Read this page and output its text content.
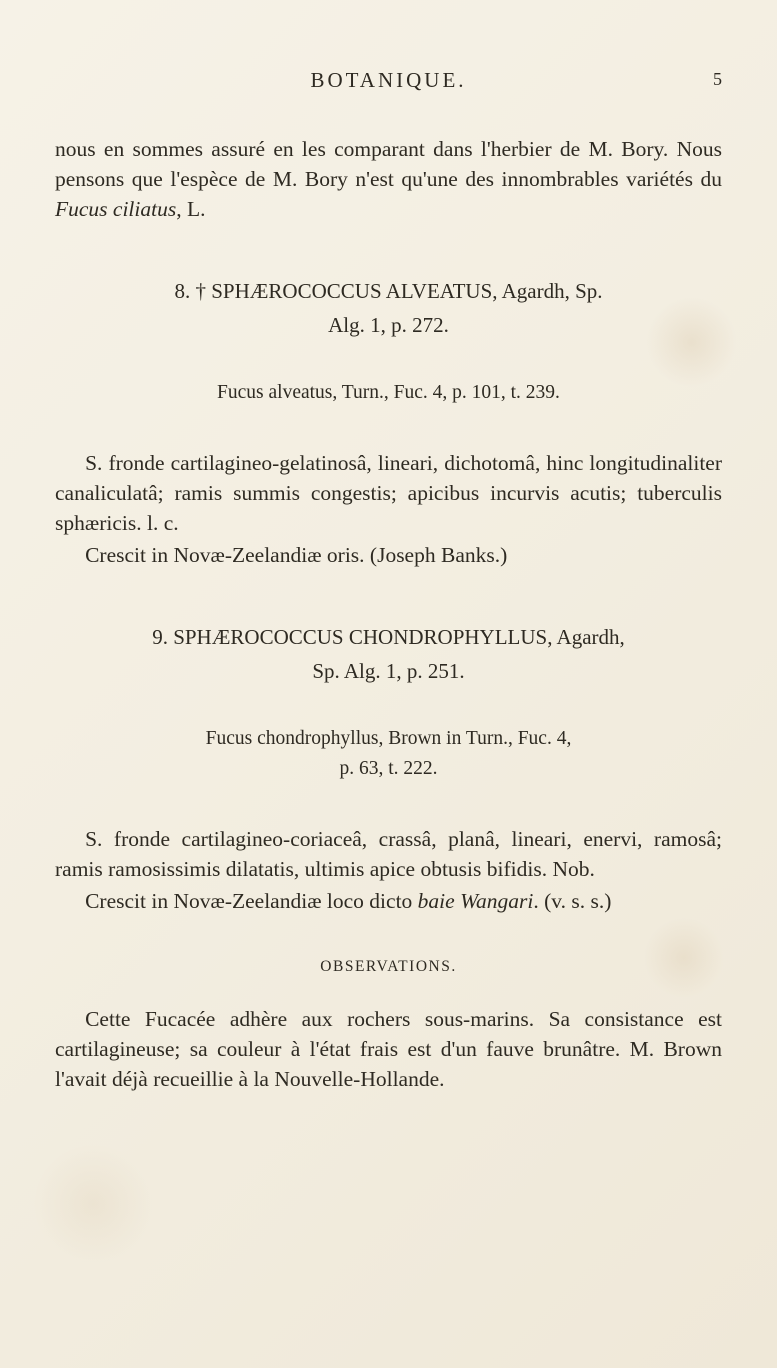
BOTANIQUE.	5

nous en sommes assuré en les comparant dans l'herbier de M. Bory. Nous pensons que l'espèce de M. Bory n'est qu'une des innombrables variétés du Fucus ciliatus, L.

8. † SPHÆROCOCCUS ALVEATUS, Agardh, Sp.
Alg. 1, p. 272.

Fucus alveatus, Turn., Fuc. 4, p. 101, t. 239.

S. fronde cartilagineo-gelatinosâ, lineari, dichotomâ, hinc longitudinaliter canaliculatâ; ramis summis congestis; apicibus incurvis acutis; tuberculis sphæricis. l. c.

Crescit in Novæ-Zeelandiæ oris. (Joseph Banks.)

9. SPHÆROCOCCUS CHONDROPHYLLUS, Agardh,
Sp. Alg. 1, p. 251.

Fucus chondrophyllus, Brown in Turn., Fuc. 4,
p. 63, t. 222.

S. fronde cartilagineo-coriaceâ, crassâ, planâ, lineari, enervi, ramosâ; ramis ramosissimis dilatatis, ultimis apice obtusis bifidis. Nob.

Crescit in Novæ-Zeelandiæ loco dicto baie Wangari. (v. s. s.)

OBSERVATIONS.

Cette Fucacée adhère aux rochers sous-marins. Sa consistance est cartilagineuse; sa couleur à l'état frais est d'un fauve brunâtre. M. Brown l'avait déjà recueillie à la Nouvelle-Hollande.
